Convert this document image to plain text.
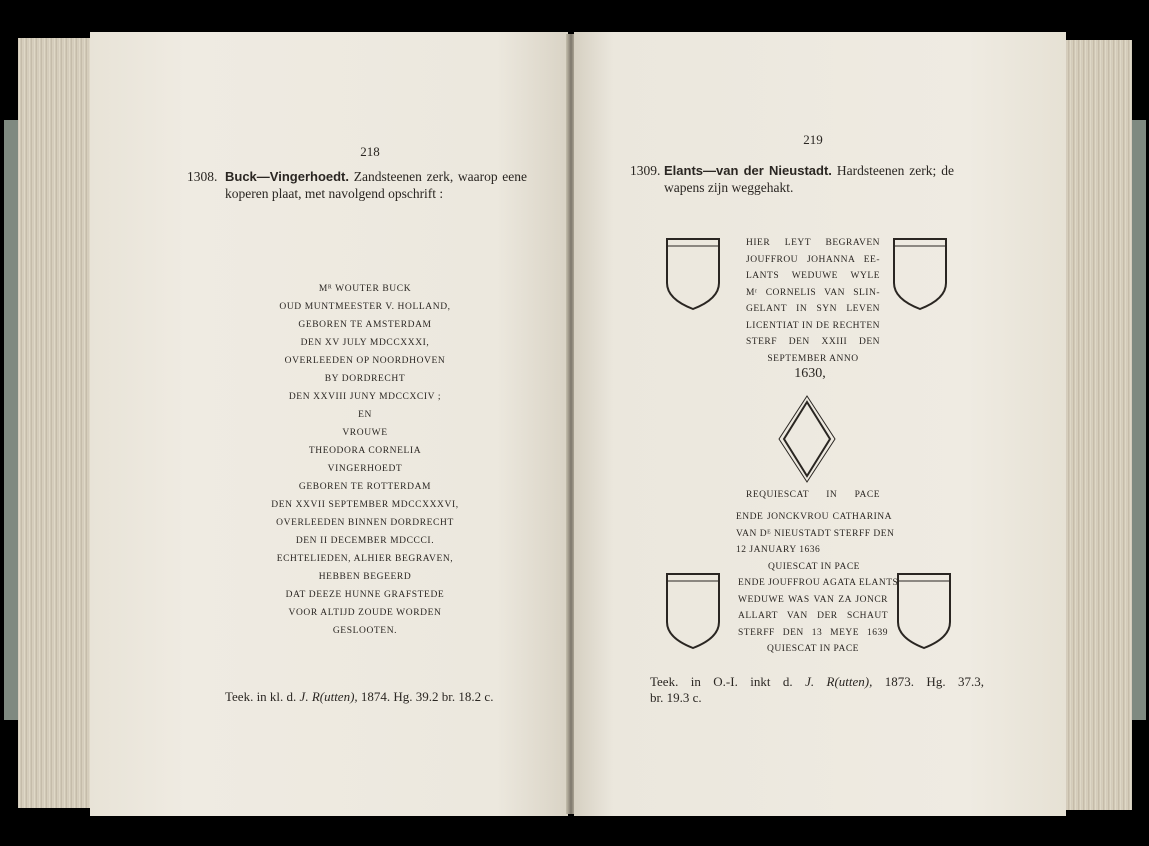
218
1308. Buck—Vingerhoedt. Zandsteenen zerk, waarop eene
koperen plaat, met navolgend opschrift :
Mᴿ WOUTER BUCK
OUD MUNTMEESTER V. HOLLAND,
GEBOREN TE AMSTERDAM
DEN XV JULY MDCCXXXI,
OVERLEEDEN OP NOORDHOVEN
BY DORDRECHT
DEN XXVIII JUNY MDCCXCIV ;
EN
VROUWE
THEODORA CORNELIA
VINGERHOEDT
GEBOREN TE ROTTERDAM
DEN XXVII SEPTEMBER MDCCXXXVI,
OVERLEEDEN BINNEN DORDRECHT
DEN II DECEMBER MDCCCI.
ECHTELIEDEN, ALHIER BEGRAVEN,
HEBBEN BEGEERD
DAT DEEZE HUNNE GRAFSTEDE
VOOR ALTIJD ZOUDE WORDEN
GESLOOTEN.
Teek. in kl. d. J. R(utten), 1874. Hg. 39.2 br. 18.2 c.
219
1309. Elants—van der Nieustadt. Hardsteenen zerk; de
wapens zijn weggehakt.
HIER LEYT BEGRAVEN
JOUFFROU JOHANNA EE-
LANTS WEDUWE WYLE
Mʳ CORNELIS VAN SLIN-
GELANT IN SYN LEVEN
LICENTIAT IN DE RECHTEN
STERF DEN XXIII DEN
SEPTEMBER ANNO
1630,
REQUIESCAT IN PACE
ENDE JONCKVROU CATHARINA
VAN Dᴱ NIEUSTADT STERFF DEN
12 JANUARY 1636
QUIESCAT IN PACE
ENDE JOUFFROU AGATA ELANTS
WEDUWE WAS VAN ZA JONCR
ALLART VAN DER SCHAUT
STERFF DEN 13 MEYE 1639
QUIESCAT IN PACE
Teek. in O.-I. inkt d. J. R(utten), 1873. Hg. 37.3,
br. 19.3 c.
